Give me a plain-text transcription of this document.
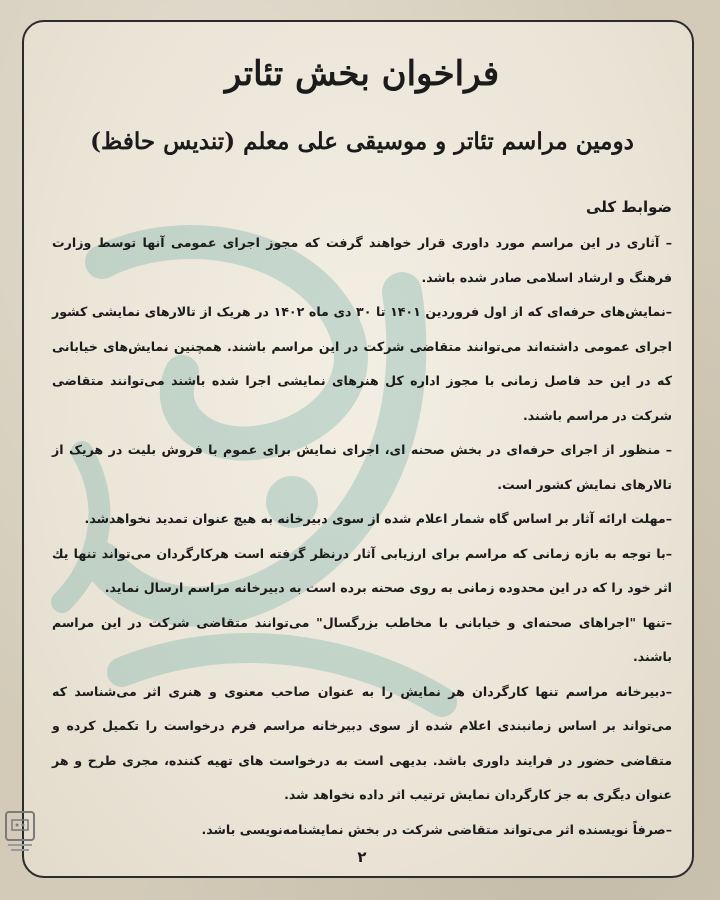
فراخوان بخش تئاتر
دومین مراسم تئاتر و موسیقی علی معلم (تندیس حافظ)
ضوابط کلی

– آثاری در این مراسم مورد داوری قرار خواهند گرفت که مجوز اجرای عمومی آنها توسط وزارت فرهنگ و ارشاد اسلامی صادر شده باشد.

–نمایش‌های حرفه‌ای که از اول فروردین ۱۴۰۱ تا ۳۰ دی ماه ۱۴۰۲ در هریک از تالارهای نمایشی کشور اجرای عمومی داشته‌اند می‌توانند متقاضی شرکت در این مراسم باشند. همچنین نمایش‌های خیابانی که در این حد فاصل زمانی با مجوز اداره کل هنرهای نمایشی اجرا شده باشند می‌توانند متقاضی شرکت در مراسم باشند.

– منظور از اجرای حرفه‌ای در بخش صحنه ای، اجرای نمایش برای عموم با فروش بلیت در هریک از تالارهای نمایش کشور است.

–مهلت ارائه آثار بر اساس گاه شمار اعلام شده از سوی دبیرخانه به هیچ عنوان تمدید نخواهدشد.

–با توجه به بازه زمانی که مراسم برای ارزیابی آثار درنظر گرفته است هرکارگردان می‌تواند تنها یك اثر خود را که در این محدوده زمانی به روی صحنه برده است به دبیرخانه مراسم ارسال نماید.

–تنها "اجراهای صحنه‌ای و خیابانی با مخاطب بزرگسال" می‌توانند متقاضی شرکت در این مراسم باشند.

–دبیرخانه مراسم تنها کارگردان هر نمایش را به عنوان صاحب معنوی و هنری اثر می‌شناسد که می‌تواند بر اساس زمانبندی اعلام شده از سوی دبیرخانه مراسم فرم درخواست را تکمیل کرده و متقاضی حضور در فرایند داوری باشد. بدیهی است به درخواست های تهیه کننده، مجری طرح و هر عنوان دیگری به جز کارگردان نمایش ترتیب اثر داده نخواهد شد.

–صرفاً نویسنده اثر می‌تواند متقاضی شرکت در بخش نمایشنامه‌نویسی باشد.

۲
